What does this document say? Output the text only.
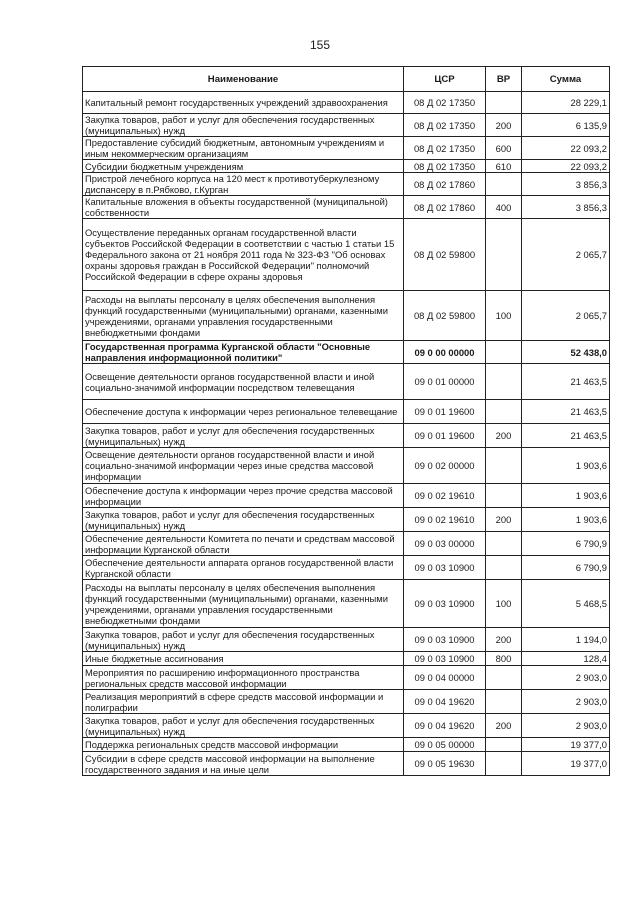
155
Наименование	ЦСР	ВР	Сумма
Капитальный ремонт государственных учреждений здравоохранения	08 Д 02 17350		28 229,1
Закупка товаров, работ и услуг для обеспечения государственных (муниципальных) нужд	08 Д 02 17350	200	6 135,9
Предоставление субсидий бюджетным, автономным учреждениям и иным некоммерческим организациям	08 Д 02 17350	600	22 093,2
Субсидии бюджетным учреждениям	08 Д 02 17350	610	22 093,2
Пристрой лечебного корпуса на 120 мест к противотуберкулезному диспансеру в п.Рябково, г.Курган	08 Д 02 17860		3 856,3
Капитальные вложения в объекты государственной (муниципальной) собственности	08 Д 02 17860	400	3 856,3
Осуществление переданных органам государственной власти субъектов Российской Федерации в соответствии с частью 1 статьи 15 Федерального закона от 21 ноября 2011 года № 323-ФЗ "Об основах охраны здоровья граждан в Российской Федерации" полномочий Российской Федерации в сфере охраны здоровья	08 Д 02 59800		2 065,7
Расходы на выплаты персоналу в целях обеспечения выполнения функций государственными (муниципальными) органами, казенными учреждениями, органами управления государственными внебюджетными фондами	08 Д 02 59800	100	2 065,7
Государственная программа Курганской области "Основные направления информационной политики"	09 0 00 00000		52 438,0
Освещение деятельности органов государственной власти и иной социально-значимой информации посредством телевещания	09 0 01 00000		21 463,5
Обеспечение доступа к информации через региональное телевещание	09 0 01 19600		21 463,5
Закупка товаров, работ и услуг для обеспечения государственных (муниципальных) нужд	09 0 01 19600	200	21 463,5
Освещение деятельности органов государственной власти и иной социально-значимой информации через иные средства массовой информации	09 0 02 00000		1 903,6
Обеспечение доступа к информации через прочие средства массовой информации	09 0 02 19610		1 903,6
Закупка товаров, работ и услуг для обеспечения государственных (муниципальных) нужд	09 0 02 19610	200	1 903,6
Обеспечение деятельности Комитета по печати и средствам массовой информации Курганской области	09 0 03 00000		6 790,9
Обеспечение деятельности аппарата органов государственной власти Курганской области	09 0 03 10900		6 790,9
Расходы на выплаты персоналу в целях обеспечения выполнения функций государственными (муниципальными) органами, казенными учреждениями, органами управления государственными внебюджетными фондами	09 0 03 10900	100	5 468,5
Закупка товаров, работ и услуг для обеспечения государственных (муниципальных) нужд	09 0 03 10900	200	1 194,0
Иные бюджетные ассигнования	09 0 03 10900	800	128,4
Мероприятия по расширению информационного пространства региональных средств массовой информации	09 0 04 00000		2 903,0
Реализация мероприятий в сфере средств массовой информации и полиграфии	09 0 04 19620		2 903,0
Закупка товаров, работ и услуг для обеспечения государственных (муниципальных) нужд	09 0 04 19620	200	2 903,0
Поддержка региональных средств массовой информации	09 0 05 00000		19 377,0
Субсидии в сфере средств массовой информации на выполнение государственного задания и на иные цели	09 0 05 19630		19 377,0
